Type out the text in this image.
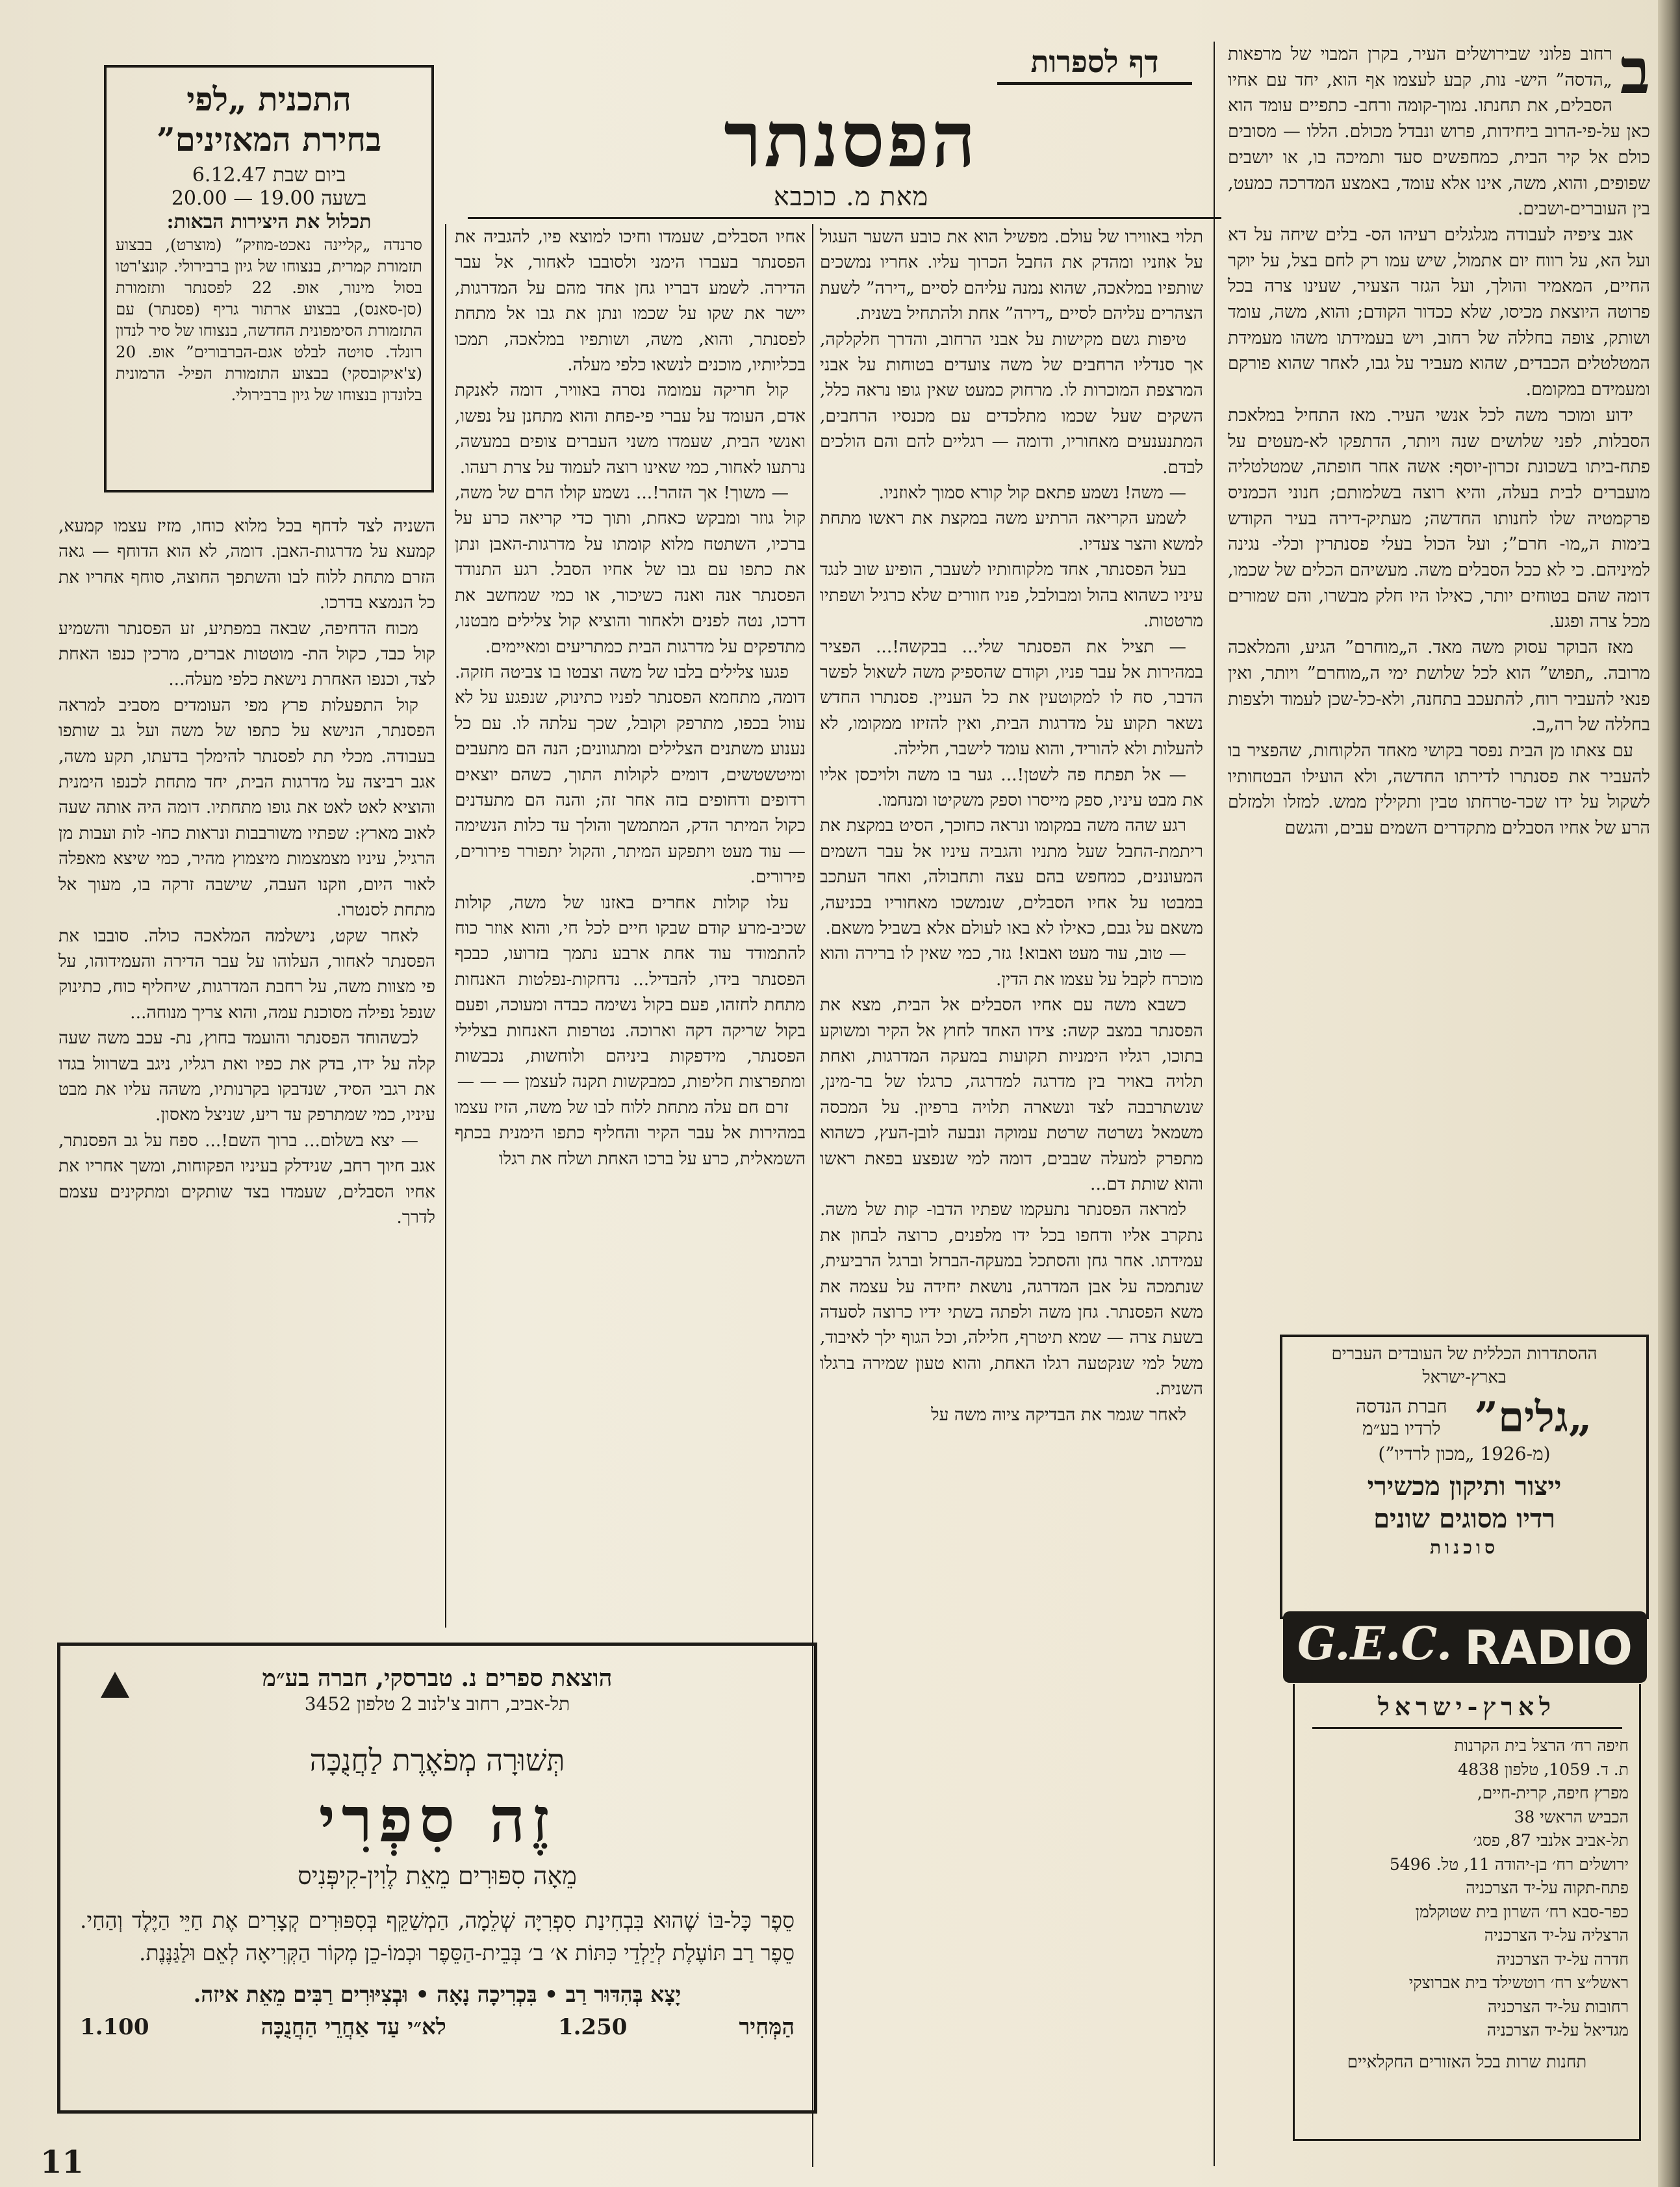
דף לספרות
הפסנתר
מאת מ. כוכבא
ב

רחוב פלוני שבירושלים העיר, בקרן המבוי של מרפאות „הדסה” היש- נות, קבע לעצמו אף הוא, יחד עם אחיו הסבלים, את תחנתו. נמוך-קומה ורחב- כתפיים עומד הוא כאן על-פי-הרוב ביחידות, פרוש ונבדל מכולם. הללו — מסובים כולם אל קיר הבית, כמחפשים סעד ותמיכה בו, או יושבים שפופים, והוא, משה, אינו אלא עומד, באמצע המדרכה כמעט, בין העוברים-ושבים.

אגב ציפיה לעבודה מגלגלים רעיהו הס- בלים שיחה על דא ועל הא, על רווח יום אתמול, שיש עמו רק לחם בצל, על יוקר החיים, המאמיר והולך, ועל הגזר הצעיר, שעינו צרה בכל פרוטה היוצאת מכיסו, שלא ככדור הקודם; והוא, משה, עומד ושותק, צופה בחללה של רחוב, ויש בעמידתו משהו מעמידת המטלטלים הכבדים, שהוא מעביר על גבו, לאחר שהוא פורקם ומעמידם במקומם.

ידוע ומוכר משה לכל אנשי העיר. מאז התחיל במלאכת הסבלות, לפני שלושים שנה ויותר, הדתפקו לא-מעטים על פתח-ביתו בשכונת זכרון-יוסף: אשה אחר חופתה, שמטלטליה מועברים לבית בעלה, והיא רוצה בשלמותם; חנוני הכמניס פרקמטיה שלו לחנותו החדשה; מעתיק-דירה בעיר הקודש בימות ה„מו- חרם”; ועל הכול בעלי פסנתרין וכלי- נגינה למיניהם. כי לא ככל הסבלים משה. מעשיהם הכלים של שכמו, דומה שהם בטוחים יותר, כאילו היו חלק מבשרו, והם שמורים מכל צרה ופגע.

מאז הבוקר עסוק משה מאד. ה„מוחרם” הגיע, והמלאכה מרובה. „תפוש” הוא לכל שלושת ימי ה„מוחרם” ויותר, ואין פנאי להעביר רוח, להתעכב בתחנה, ולא-כל-שכן לעמוד ולצפות בחללה של רה„ב.

עם צאתו מן הבית נפסר בקושי מאחד הלקוחות, שהפציר בו להעביר את פסנתרו לדירתו החדשה, ולא הועילו הבטחותיו לשקול על ידו שכר-טרחתו טבין ותקילין ממש. למזלו ולמזלם הרע של אחיו הסבלים מתקדרים השמים עבים, והגשם

תלוי באווירו של עולם. מפשיל הוא את כובע השער העגול על אוזניו ומהדק את החבל הכרוך עליו. אחריו נמשכים שותפיו במלאכה, שהוא נמנה עליהם לסיים „דירה” לשעת הצהרים עליהם לסיים „דירה” אחת ולהתחיל בשנית.

טיפות גשם מקישות על אבני הרחוב, והדרך חלקלקה, אך סנדליו הרחבים של משה צועדים בטוחות על אבני המרצפת המוכרות לו. מרחוק כמעט שאין גופו נראה כלל, השקים שעל שכמו מתלכדים עם מכנסיו הרחבים, המתנענעים מאחוריו, ודומה — רגליים להם והם הולכים לבדם.

— משה! נשמע פתאם קול קורא סמוך לאוזניו.

לשמע הקריאה הרתיע משה במקצת את ראשו מתחת למשא והצר צעדיו.

בעל הפסנתר, אחד מלקוחותיו לשעבר, הופיע שוב לנגד עיניו כשהוא בהול ומבולבל, פניו חוורים שלא כרגיל ושפתיו מרטטות.

— תציל את הפסנתר שלי... בבקשה!... הפציר במהירות אל עבר פניו, וקודם שהספיק משה לשאול לפשר הדבר, סח לו למקוטעין את כל העניין. פסנתרו החדש נשאר תקוע על מדרגות הבית, ואין להזיזו ממקומו, לא להעלות ולא להוריד, והוא עומד לישבר, חלילה.

— אל תפתח פה לשטן!... גער בו משה ולויכסן אליו את מבט עיניו, ספק מייסרו וספק משקיטו ומנחמו.

רגע שהה משה במקומו ונראה כחוכך, הסיט במקצת את ריתמת-החבל שעל מתניו והגביה עיניו אל עבר השמים המעוננים, כמחפש בהם עצה ותחבולה, ואחר העתכב במבטו על אחיו הסבלים, שנמשכו מאחוריו בכניעה, משאם על גבם, כאילו לא באו לעולם אלא בשביל משאם.

— טוב, עוד מעט ואבוא! גזר, כמי שאין לו ברירה והוא מוכרח לקבל על עצמו את הדין.

כשבא משה עם אחיו הסבלים אל הבית, מצא את הפסנתר במצב קשה: צידו האחד לחוץ אל הקיר ומשוקע בתוכו, רגליו הימניות תקועות במעקה המדרגות, ואחת תלויה באויר בין מדרגה למדרגה, כרגלו של בר-מינן, שנשתרבבה לצד ונשארה תלויה ברפיון. על המכסה משמאל נשרטה שרטת עמוקה ונבעה לובן-העץ, כשהוא מתפרק למעלה שבבים, דומה למי שנפצע בפאת ראשו והוא שותת דם...

למראה הפסנתר נתעקמו שפתיו הדבו- קות של משה. נתקרב אליו ודחפו בכל ידו מלפנים, כרוצה לבחון את עמידתו. אחר גחן והסתכל במעקה-הברזל וברגל הרביעית, שנתמכה על אבן המדרגה, נושאת יחידה על עצמה את משא הפסנתר. גחן משה ולפתה בשתי ידיו כרוצה לסעדה בשעת צרה — שמא תיטרף, חלילה, וכל הגוף ילך לאיבוד, משל למי שנקטעה רגלו האחת, והוא טעון שמירה ברגלו השנית.

לאחר שגמר את הבדיקה ציוה משה על

אחיו הסבלים, שעמדו וחיכו למוצא פיו, להגביה את הפסנתר בעברו הימני ולסובבו לאחור, אל עבר הדירה. לשמע דבריו גחן אחד מהם על המדרגות, יישר את שקו על שכמו ונתן את גבו אל מתחת לפסנתר, והוא, משה, ושותפיו במלאכה, תמכו בכליותיו, מוכנים לנשאו כלפי מעלה.

קול חריקה עמומה נסרה באוויר, דומה לאנקת אדם, העומד על עברי פי-פחת והוא מתחנן על נפשו, ואנשי הבית, שעמדו משני העברים צופים במעשה, נרתעו לאחור, כמי שאינו רוצה לעמוד על צרת רעהו.

— משוך! אך הזהר!... נשמע קולו הרם של משה, קול גוזר ומבקש כאחת, ותוך כדי קריאה כרע על ברכיו, השתטח מלוא קומתו על מדרגות-האבן ונתן את כתפו עם גבו של אחיו הסבל. רגע התנודד הפסנתר אנה ואנה כשיכור, או כמי שמחשב את דרכו, נטה לפנים ולאחור והוציא קול צלילים מבטנו, מתדפקים על מדרגות הבית כמתריעים ומאיימים.

פגעו צלילים בלבו של משה וצבטו בו צביטה חזקה. דומה, מתחמא הפסנתר לפניו כתינוק, שנפגע על לא עוול בכפו, מתרפק וקובל, שכך עלתה לו. עם כל נענוע משתנים הצלילים ומתגוונים; הנה הם מתעבים ומיטשטשים, דומים לקולות התוך, כשהם יוצאים רדופים ודחופים בזה אחר זה; והנה הם מתעדנים כקול המיתר הדק, המתמשך והולך עד כלות הנשימה — עוד מעט ויתפקע המיתר, והקול יתפורר פירורים, פירורים.

עלו קולות אחרים באזנו של משה, קולות שכיב-מרע קודם שבקו חיים לכל חי, והוא אוזר כוח להתמודד עוד אחת ארבע נתמך בזרועו, כבכף הפסנתר בידו, להבדיל... נדחקות-נפלטות האנחות מתחת לחזהו, פעם בקול נשימה כבדה ומעוכה, ופעם בקול שריקה דקה וארוכה. נטרפות האנחות בצלילי הפסנתר, מידפקות ביניהם ולוחשות, נכבשות ומתפרצות חליפות, כמבקשות תקנה לעצמן — — —

זרם חם עלה מתחת ללוח לבו של משה, הזיז עצמו במהירות אל עבר הקיר והחליף כתפו הימנית בכתף השמאלית, כרע על ברכו האחת ושלח את רגלו

השניה לצד לדחף בכל מלוא כוחו, מזיז עצמו קמעא, קמעא על מדרגות-האבן. דומה, לא הוא הדוחף — גאה הזרם מתחת ללוח לבו והשתפך החוצה, סוחף אחריו את כל הנמצא בדרכו.

מכוח הדחיפה, שבאה במפתיע, זע הפסנתר והשמיע קול כבד, כקול הת- מוטטות אברים, מרכין כנפו האחת לצד, וכנפו האחרת נישאת כלפי מעלה...

קול התפעלות פרץ מפי העומדים מסביב למראה הפסנתר, הנישא על כתפו של משה ועל גב שותפו בעבודה. מכלי תת לפסנתר להימלך בדעתו, תקע משה, אגב רביצה על מדרגות הבית, יחד מתחת לכנפו הימנית והוציא לאט לאט את גופו מתחתיו. דומה היה אותה שעה לאוב מארץ: שפתיו משורבבות ונראות כחו- לות ועבות מן הרגיל, עיניו מצמצמות מיצמוץ מהיר, כמי שיצא מאפלה לאור היום, וזקנו העבה, שישבה זרקה בו, מעוך אל מתחת לסנטרו.

לאחר שקט, נישלמה המלאכה כולה. סובבו את הפסנתר לאחור, העלוהו על עבר הדירה והעמידוהו, על פי מצוות משה, על רחבת המדרגות, שיחליף כוח, כתינוק שנפל נפילה מסוכנת עמה, והוא צריך מנוחה...

לכשהוחד הפסנתר והועמד בחוץ, נת- עכב משה שעה קלה על ידו, בדק את כפיו ואת רגליו, ניגב בשרוול בגדו את רגבי הסיד, שנדבקו בקרנותיו, משהה עליו את מבט עיניו, כמי שמתרפק עד ריע, שניצל מאסון.

— יצא בשלום... ברוך השם!... ספח על גב הפסנתר, אגב חיוך רחב, שנידלק בעיניו הפקוחות, ומשך אחריו את אחיו הסבלים, שעמדו בצד שותקים ומתקינים עצמם לדרך.

התכנית „לפי
בחירת המאזינים”
ביום שבת 6.12.47
בשעה 19.00 — 20.00
תכלול את היצירות הבאות:
סרנדה „קליינה נאכט-מוזיק” (מוצרט), בבצוע תזמורת קמרית, בנצוחו של גיון ברבירולי. קונצ'רטו בסול מינור, אופ. 22 לפסנתר ותזמורת (סן-סאנס), בבצוע ארתור גריף (פסנתר) עם התזמורת הסימפונית החדשה, בנצוחו של סיר לנדון רונלד. סויטה לבלט אגם-הברבורים” אופ. 20 (צ'איקובסקי) בבצוע התזמורת הפיל- הרמונית בלונדון בנצוחו של גיון ברבירולי.
הוצאת ספרים נ. טברסקי, חברה בע״מ
תל-אביב, רחוב צ'לנוב 2 טלפון 3452
תְּשׁוּרָה מְפֹאֶרֶת לַחֲנֻכָּה
זֶה סִפְרִי
מֵאָה סִפּוּרִים מֵאֵת לֶוִין-קִיפְּנִיס
סֵפֶר כָּל-בּוֹ שֶׁהוּא בִּבְחִינַת סִפְרִיָּה שְׁלֵמָה, הַמְשַׁקֵּף בְּסִפּוּרִים קְצָרִים אֶת חַיֵּי הַיֶּלֶד וְהַחַי. סֵפֶר רַב תּוֹעֶלֶת לְיַלְדֵי כִּתּוֹת א׳ ב׳ בְּבֵית-הַסֵּפֶר וּכְמוֹ-כֵן מְקוֹר הַקְּרִיאָה לְאֵם וּלַגַּנֶּנֶת.
יָצָא בְּהִדּוּר רַב • בִּכְרִיכָה נָאָה • וּבְצִיּוּרִים רַבִּים מֵאֵת איזה.
הַמְּחִיר
1.250
לא״י עַד אַחֲרֵי הַחֲנֻכָּה
1.100
ההסתדרות הכללית של העובדים העברים בארץ-ישראל
„גלים”
חברת הנדסה לרדיו בע״מ
(מ-1926 „מכון לרדיו”)
ייצור ותיקון מכשירי
רדיו מסוגים שונים
סוכנות
G.E.C. RADIO
לארץ-ישראל
חיפה רח׳ הרצל בית הקרנות
ת. ד. 1059, טלפון 4838
מפרץ חיפה, קרית-חיים,
הכביש הראשי 38
תל-אביב אלנבי 87, פסג׳
ירושלים רח׳ בן-יהודה 11, טל. 5496
פתח-תקוה על-יד הצרכניה
כפר-סבא רח׳ השרון בית שטוקלמן
הרצליה על-יד הצרכניה
חדרה על-יד הצרכניה
ראשל״צ רח׳ רוטשילד בית אברוצקי
רחובות על-יד הצרכניה
מגדיאל על-יד הצרכניה
תחנות שרות בכל האזורים החקלאיים
11
